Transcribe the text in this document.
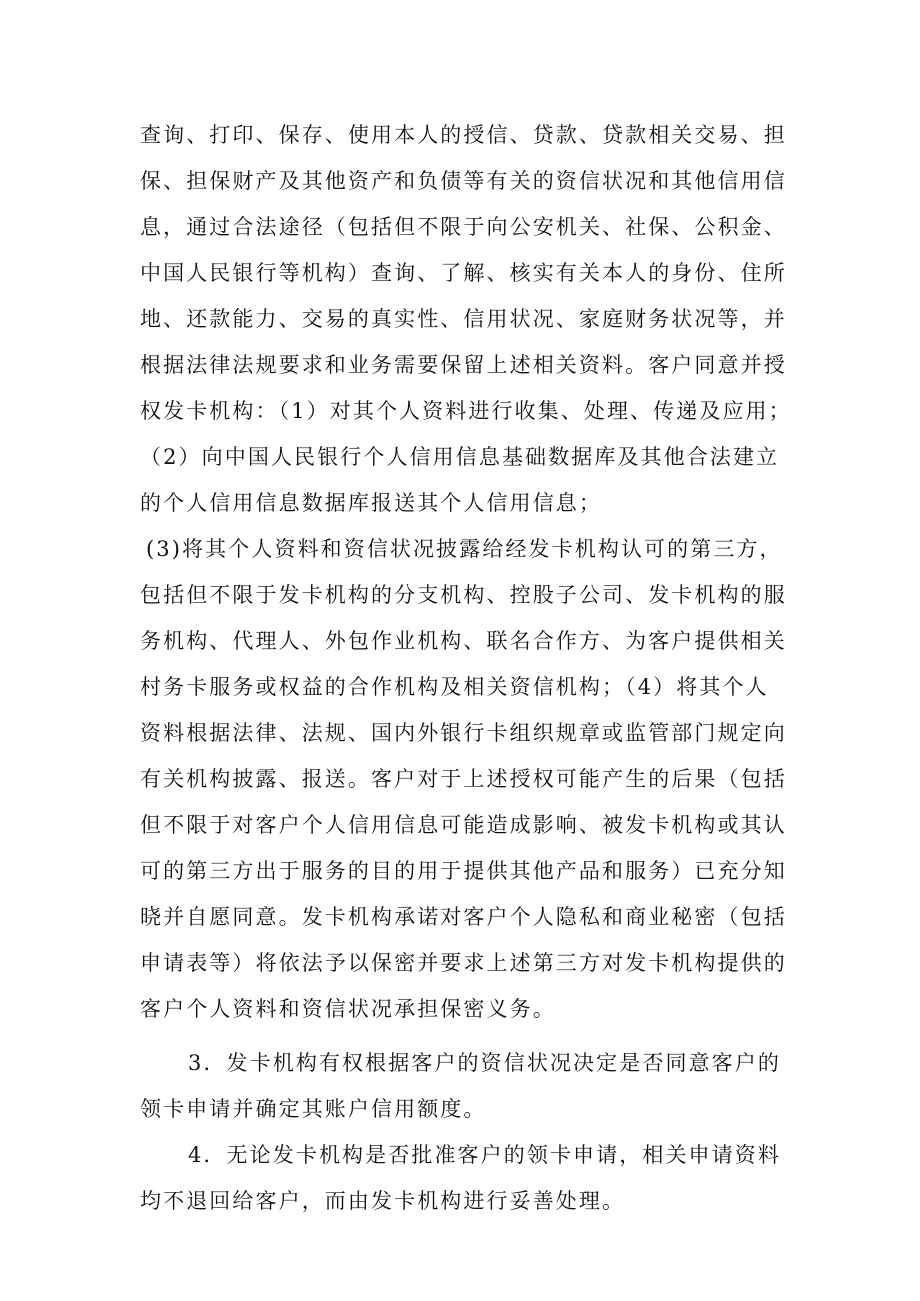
查询、打印、保存、使用本人的授信、贷款、贷款相关交易、担
保、担保财产及其他资产和负债等有关的资信状况和其他信用信
息，通过合法途径（包括但不限于向公安机关、社保、公积金、
中国人民银行等机构）查询、了解、核实有关本人的身份、住所
地、还款能力、交易的真实性、信用状况、家庭财务状况等，并
根据法律法规要求和业务需要保留上述相关资料。客户同意并授
权发卡机构：（1）对其个人资料进行收集、处理、传递及应用；
（2）向中国人民银行个人信用信息基础数据库及其他合法建立
的个人信用信息数据库报送其个人信用信息；
(3)将其个人资料和资信状况披露给经发卡机构认可的第三方，
包括但不限于发卡机构的分支机构、控股子公司、发卡机构的服
务机构、代理人、外包作业机构、联名合作方、为客户提供相关
村务卡服务或权益的合作机构及相关资信机构；（4）将其个人
资料根据法律、法规、国内外银行卡组织规章或监管部门规定向
有关机构披露、报送。客户对于上述授权可能产生的后果（包括
但不限于对客户个人信用信息可能造成影响、被发卡机构或其认
可的第三方出于服务的目的用于提供其他产品和服务）已充分知
晓并自愿同意。发卡机构承诺对客户个人隐私和商业秘密（包括
申请表等）将依法予以保密并要求上述第三方对发卡机构提供的
客户个人资料和资信状况承担保密义务。
3．发卡机构有权根据客户的资信状况决定是否同意客户的
领卡申请并确定其账户信用额度。
4．无论发卡机构是否批准客户的领卡申请，相关申请资料
均不退回给客户，而由发卡机构进行妥善处理。
